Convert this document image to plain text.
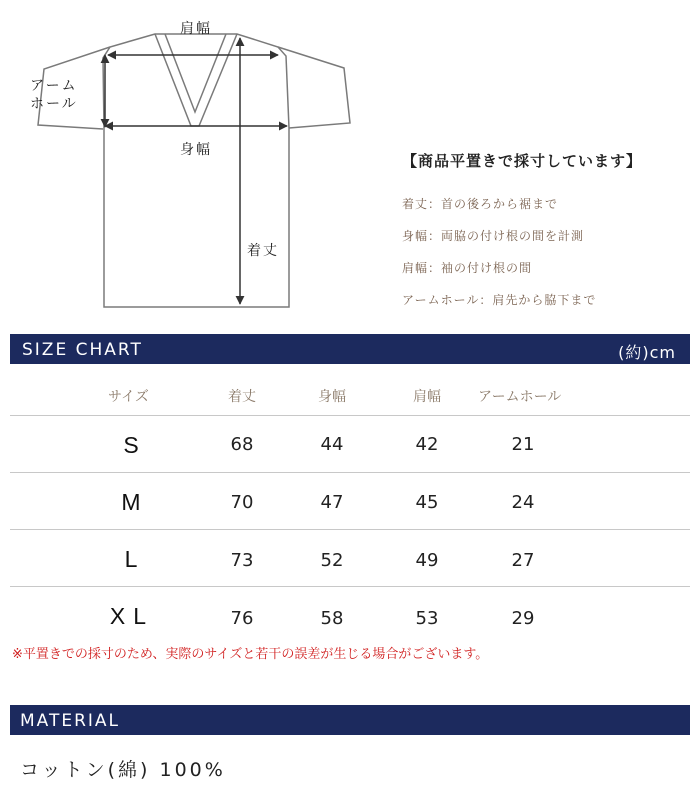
肩幅
アーム
ホール
身幅
着丈
【商品平置きで採寸しています】
着丈：首の後ろから裾まで
身幅：両脇の付け根の間を計測
肩幅：袖の付け根の間
アームホール：肩先から脇下まで
SIZE CHART	(約)cm
サイズ	着丈	身幅	肩幅	アームホール
S	68	44	42	21
M	70	47	45	24
L	73	52	49	27
XL	76	58	53	29
※平置きでの採寸のため、実際のサイズと若干の誤差が生じる場合がございます。
MATERIAL
コットン(綿) 100%
